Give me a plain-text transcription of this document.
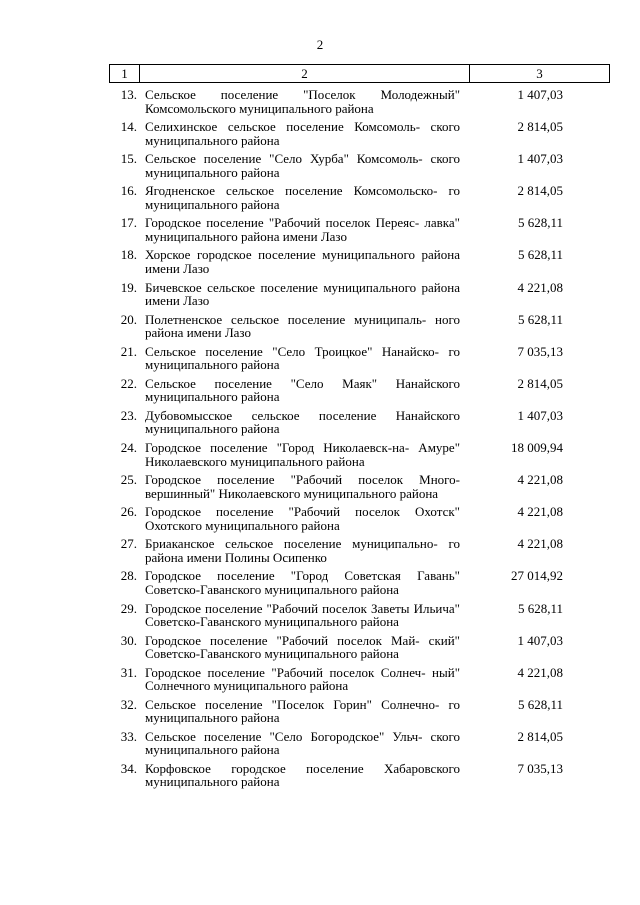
2
1	2	3
13. Сельское поселение "Поселок Молодежный" Комсомольского муниципального района
1 407,03
14. Селихинское сельское поселение Комсомоль- ского муниципального района
2 814,05
15. Сельское поселение "Село Хурба" Комсомоль- ского муниципального района
1 407,03
16. Ягодненское сельское поселение Комсомольско- го муниципального района
2 814,05
17. Городское поселение "Рабочий поселок Переяс- лавка" муниципального района имени Лазо
5 628,11
18. Хорское городское поселение муниципального района имени Лазо
5 628,11
19. Бичевское сельское поселение муниципального района имени Лазо
4 221,08
20. Полетненское сельское поселение муниципаль- ного района имени Лазо
5 628,11
21. Сельское поселение "Село Троицкое" Нанайско- го муниципального района
7 035,13
22. Сельское поселение "Село Маяк" Нанайского муниципального района
2 814,05
23. Дубовомысское сельское поселение Нанайского муниципального района
1 407,03
24. Городское поселение "Город Николаевск-на- Амуре" Николаевского муниципального района
18 009,94
25. Городское поселение "Рабочий поселок Много- вершинный" Николаевского муниципального района
4 221,08
26. Городское поселение "Рабочий поселок Охотск" Охотского муниципального района
4 221,08
27. Бриаканское сельское поселение муниципально- го района имени Полины Осипенко
4 221,08
28. Городское поселение "Город Советская Гавань" Советско-Гаванского муниципального района
27 014,92
29. Городское поселение "Рабочий поселок Заветы Ильича" Советско-Гаванского муниципального района
5 628,11
30. Городское поселение "Рабочий поселок Май- ский" Советско-Гаванского муниципального района
1 407,03
31. Городское поселение "Рабочий поселок Солнеч- ный" Солнечного муниципального района
4 221,08
32. Сельское поселение "Поселок Горин" Солнечно- го муниципального района
5 628,11
33. Сельское поселение "Село Богородское" Ульч- ского муниципального района
2 814,05
34. Корфовское городское поселение Хабаровского муниципального района
7 035,13
